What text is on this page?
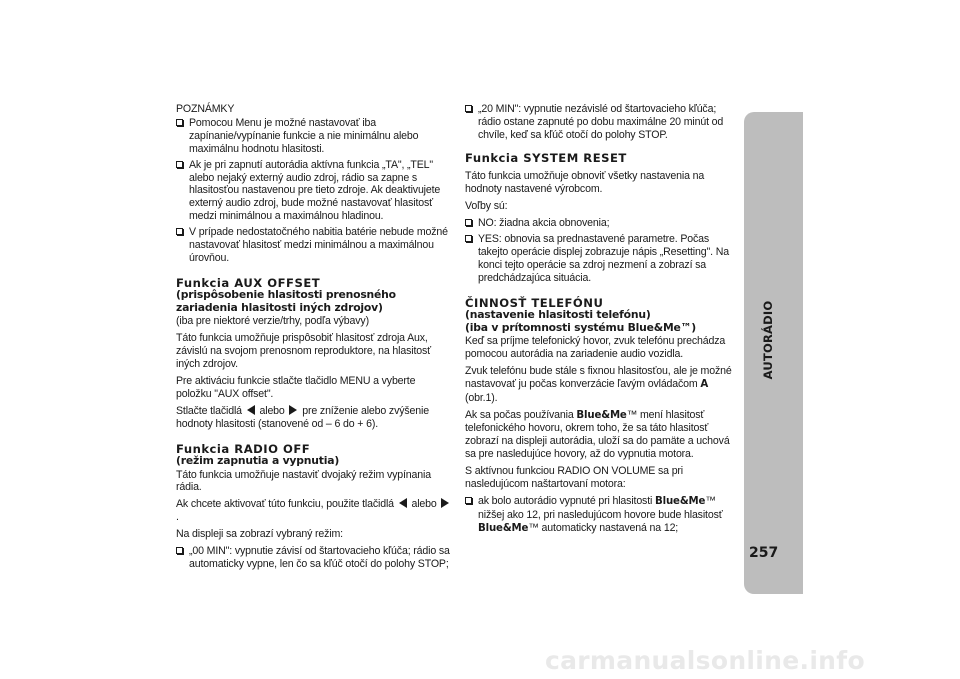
POZNÁMKY

Pomocou Menu je možné nastavovať iba zapínanie/vypínanie funkcie a nie minimálnu alebo maximálnu hodnotu hlasitosti.
Ak je pri zapnutí autorádia aktívna funkcia „TA", „TEL" alebo nejaký externý audio zdroj, rádio sa zapne s hlasitosťou nastavenou pre tieto zdroje. Ak deaktivujete externý audio zdroj, bude možné nastavovať hlasitosť medzi minimálnou a maximálnou hladinou.
V prípade nedostatočného nabitia batérie nebude možné nastavovať hlasitosť medzi minimálnou a maximálnou úrovňou.
Funkcia AUX OFFSET
(prispôsobenie hlasitosti prenosného zariadenia hlasitosti iných zdrojov)

(iba pre niektoré verzie/trhy, podľa výbavy)

Táto funkcia umožňuje prispôsobiť hlasitosť zdroja Aux, závislú na svojom prenosnom reproduktore, na hlasitosť iných zdrojov.

Pre aktiváciu funkcie stlačte tlačidlo MENU a vyberte položku "AUX offset".

Stlačte tlačidlá alebo pre zníženie alebo zvýšenie hodnoty hlasitosti (stanovené od – 6 do + 6).

Funkcia RADIO OFF
(režim zapnutia a vypnutia)

Táto funkcia umožňuje nastaviť dvojaký režim vypínania rádia.

Ak chcete aktivovať túto funkciu, použite tlačidlá alebo  .

Na displeji sa zobrazí vybraný režim:

„00 MIN": vypnutie závisí od štartovacieho kľúča; rádio sa automaticky vypne, len čo sa kľúč otočí do polohy STOP;
„20 MIN": vypnutie nezávislé od štartovacieho kľúča; rádio ostane zapnuté po dobu maximálne 20 minút od chvíle, keď sa kľúč otočí do polohy STOP.
Funkcia SYSTEM RESET

Táto funkcia umožňuje obnoviť všetky nastavenia na hodnoty nastavené výrobcom.

Voľby sú:

NO: žiadna akcia obnovenia;
YES: obnovia sa prednastavené parametre. Počas takejto operácie displej zobrazuje nápis „Resetting". Na konci tejto operácie sa zdroj nezmení a zobrazí sa predchádzajúca situácia.
ČINNOSŤ TELEFÓNU
(nastavenie hlasitosti telefónu)
(iba v prítomnosti systému Blue&Me™)

Keď sa príjme telefonický hovor, zvuk telefónu prechádza pomocou autorádia na zariadenie audio vozidla.

Zvuk telefónu bude stále s fixnou hlasitosťou, ale je možné nastavovať ju počas konverzácie ľavým ovládačom A (obr.1).

Ak sa počas používania Blue&Me™ mení hlasitosť telefonického hovoru, okrem toho, že sa táto hlasitosť zobrazí na displeji autorádia, uloží sa do pamäte a uchová sa pre nasledujúce hovory, až do vypnutia motora.

S aktívnou funkciou RADIO ON VOLUME sa pri nasledujúcom naštartovaní motora:

ak bolo autorádio vypnuté pri hlasitosti Blue&Me™ nižšej ako 12, pri nasledujúcom hovore bude hlasitosť Blue&Me™ automaticky nastavená na 12;
AUTORÁDIO
257
carmanualsonline.info
